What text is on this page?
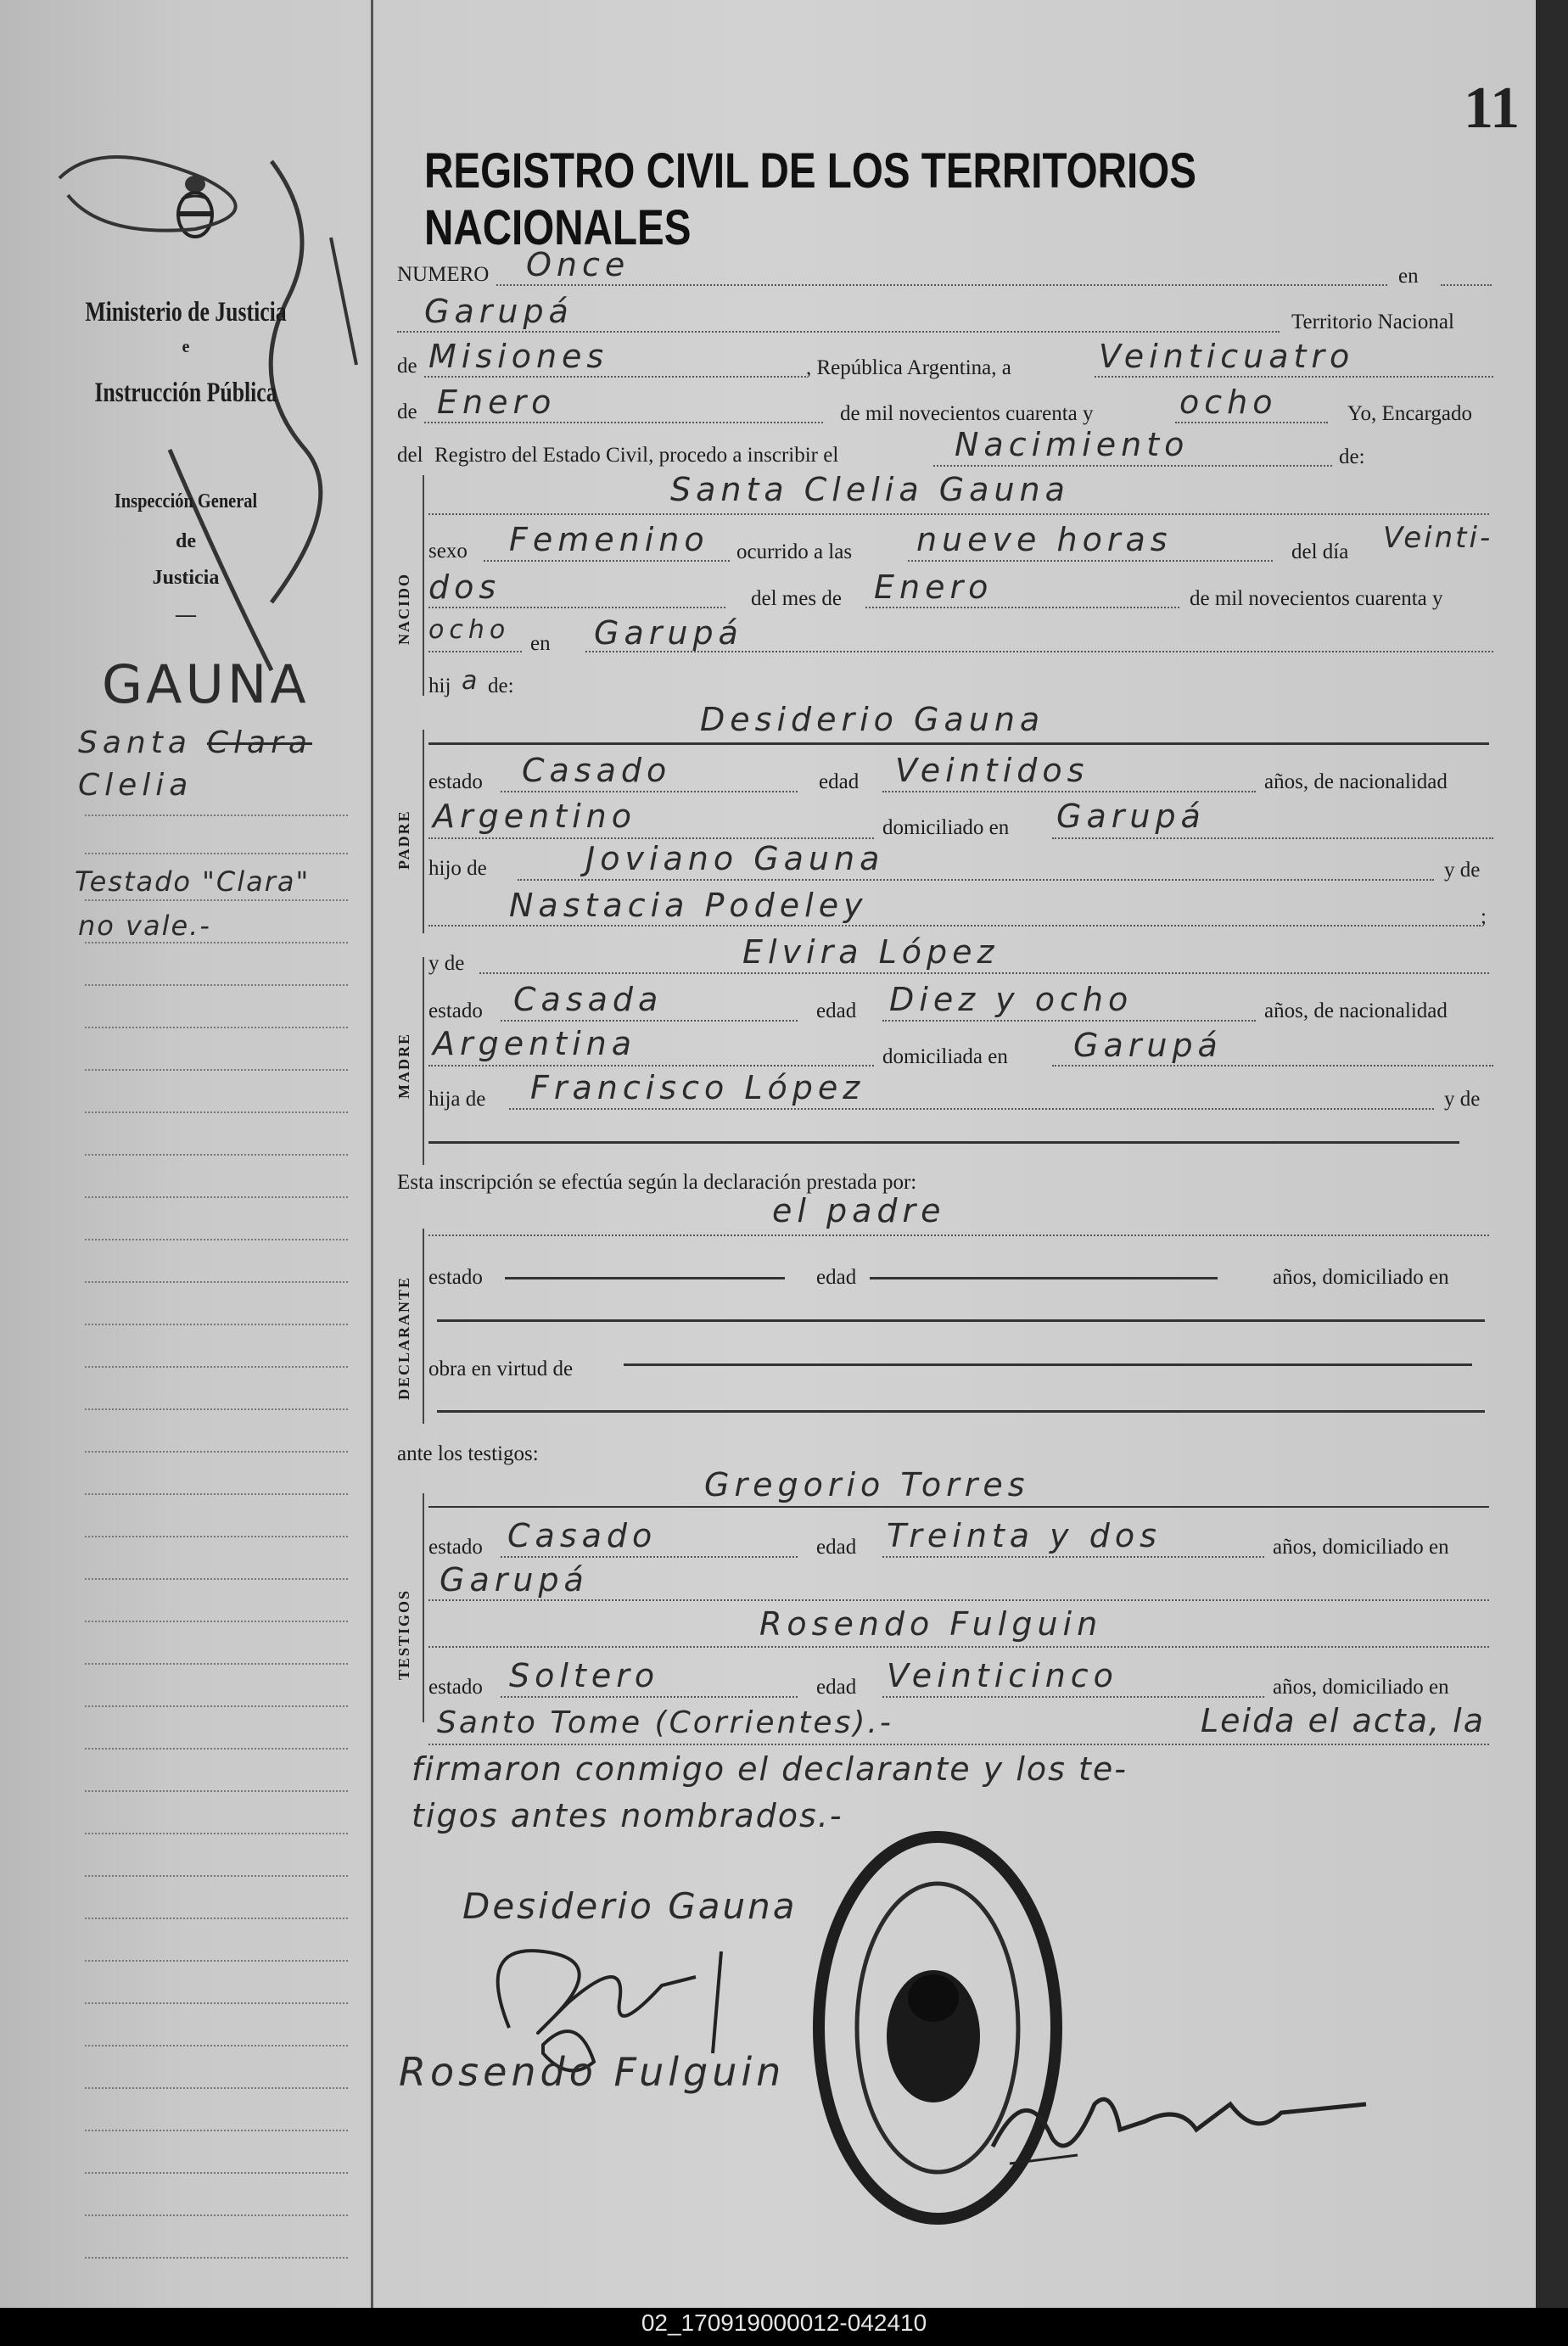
Ministerio de Justicia
e
Instrucción Pública
Inspección General
de
Justicia
—
GAUNA
Santa Clara
Clelia
Testado "Clara"
no vale.-
11
REGISTRO CIVIL DE LOS TERRITORIOS NACIONALES
NUMERO Once	en
Garupá	Territorio Nacional
de Misiones	, República Argentina, a	Veinticuatro
de Enero	de mil novecientos cuarenta y	ocho	Yo, Encargado
del Registro del Estado Civil, procedo a inscribir el	Nacimiento	de:
NACIDO
Santa Clelia Gauna
sexo Femenino ocurrido a las nueve horas	del día Veinti-
dos	del mes de Enero	de mil novecientos cuarenta y
ocho en Garupá
hij a de:
PADRE
Desiderio Gauna
estado Casado	edad Veintidos	años, de nacionalidad
Argentino	domiciliado en Garupá
hijo de	Joviano Gauna	y de
Nastacia Podeley	;
MADRE
y de	Elvira López
estado Casada	edad Diez y ocho	años, de nacionalidad
Argentina	domiciliada en Garupá
hija de Francisco López	y de
Esta inscripción se efectúa según la declaración prestada por:
el padre
DECLARANTE estado	edad	años, domiciliado en
obra en virtud de
ante los testigos:
TESTIGOS
Gregorio Torres
estado Casado	edad Treinta y dos	años, domiciliado en
Garupá
Rosendo Fulguin
estado Soltero	edad Veinticinco	años, domiciliado en
Santo Tome (Corrientes).-	Leida el acta, la
firmaron conmigo el declarante y los te-
tigos antes nombrados.-
Desiderio Gauna
Rosendo Fulguin
02_170919000012-042410
